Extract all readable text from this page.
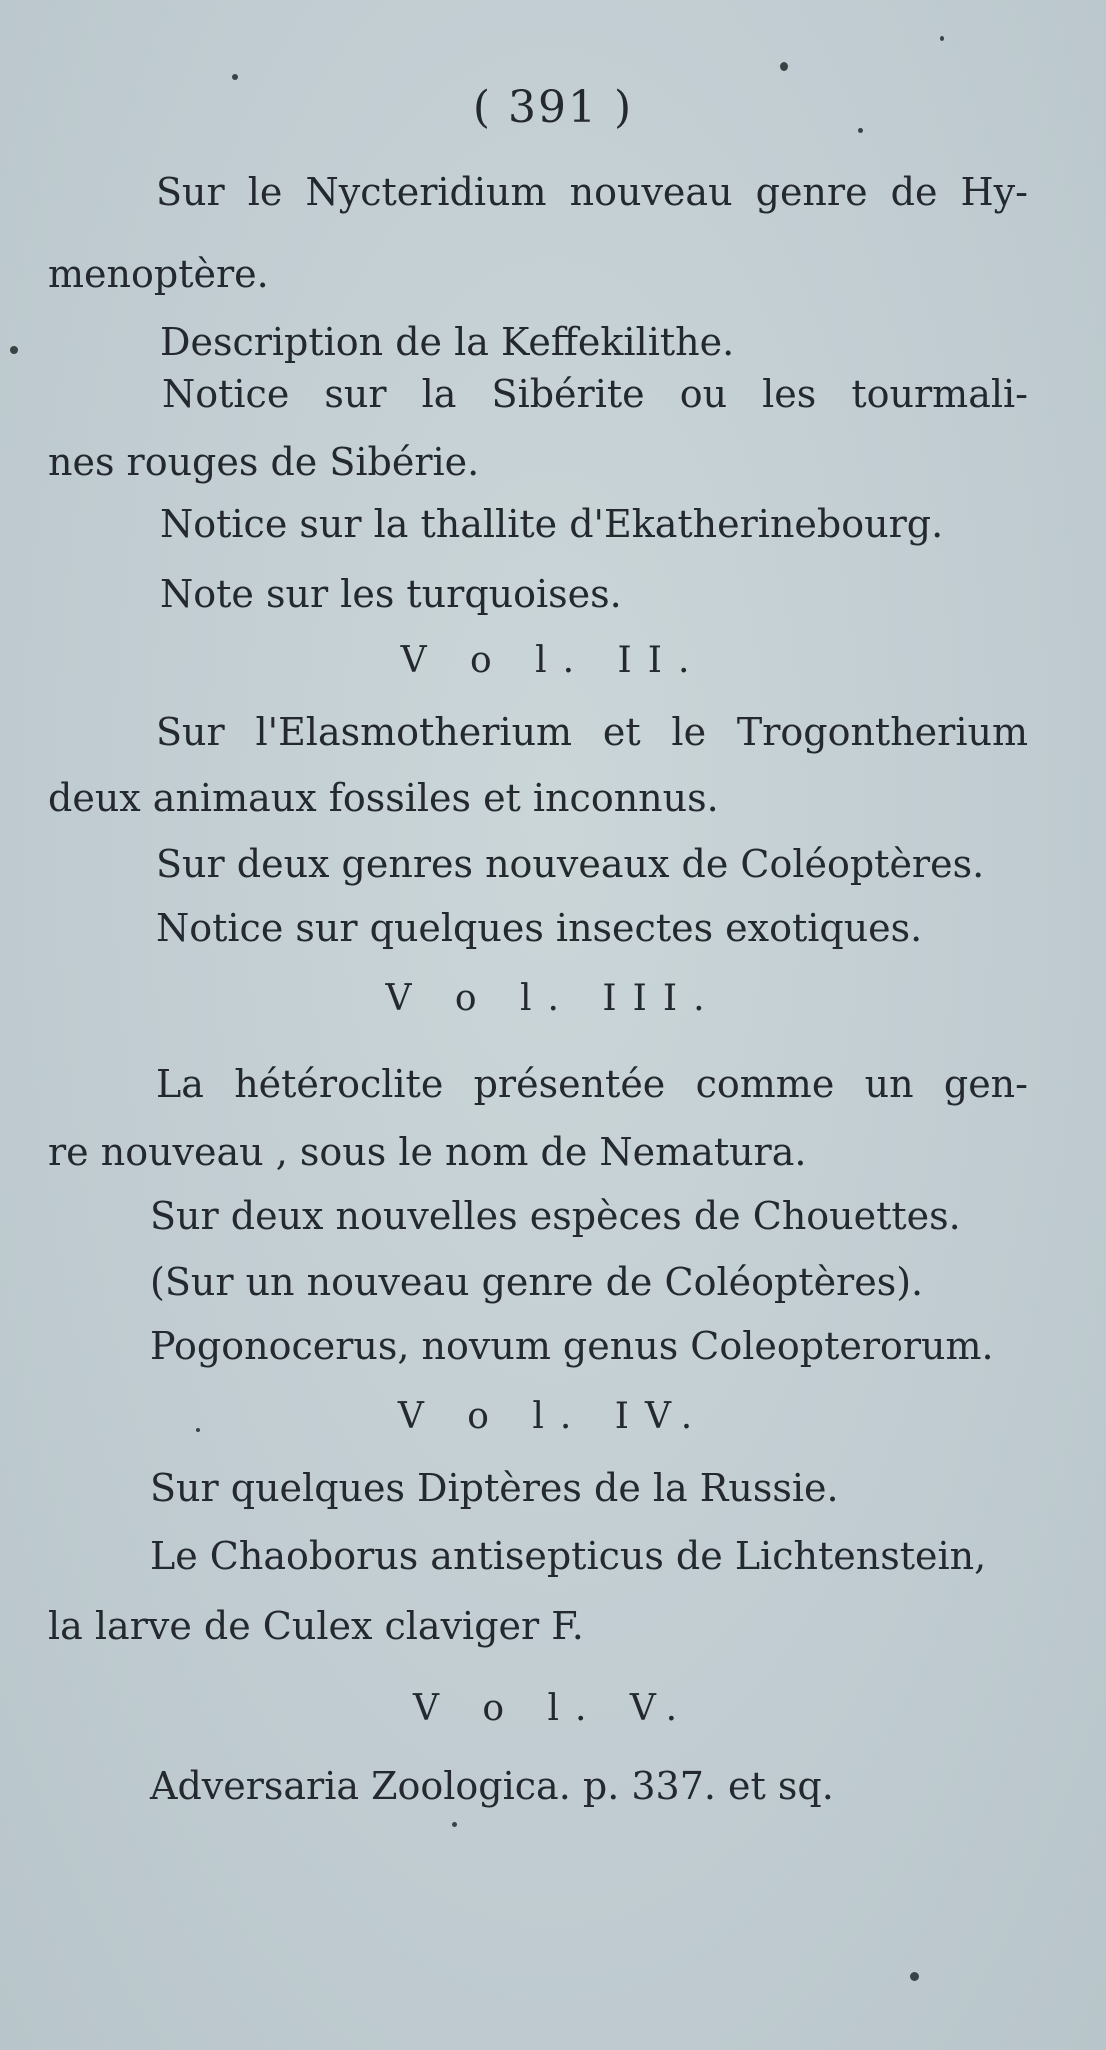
( 391 )
Sur le Nycteridium nouveau genre de Hy-
menoptère.
Description de la Keffekilithe.
Notice sur la Sibérite ou les tourmali-
nes rouges de Sibérie.
Notice sur la thallite d'Ekatherinebourg.
Note sur les turquoises.
V o l. II.
Sur l'Elasmotherium et le Trogontherium
deux animaux fossiles et inconnus.
Sur deux genres nouveaux de Coléoptères.
Notice sur quelques insectes exotiques.
V o l. III.
La hétéroclite présentée comme un gen-
re nouveau , sous le nom de Nematura.
Sur deux nouvelles espèces de Chouettes.
(Sur un nouveau genre de Coléoptères).
Pogonocerus, novum genus Coleopterorum.
V o l. IV.
Sur quelques Diptères de la Russie.
Le Chaoborus antisepticus de Lichtenstein,
la larve de Culex claviger F.
V o l. V.
Adversaria Zoologica. p. 337. et sq.
